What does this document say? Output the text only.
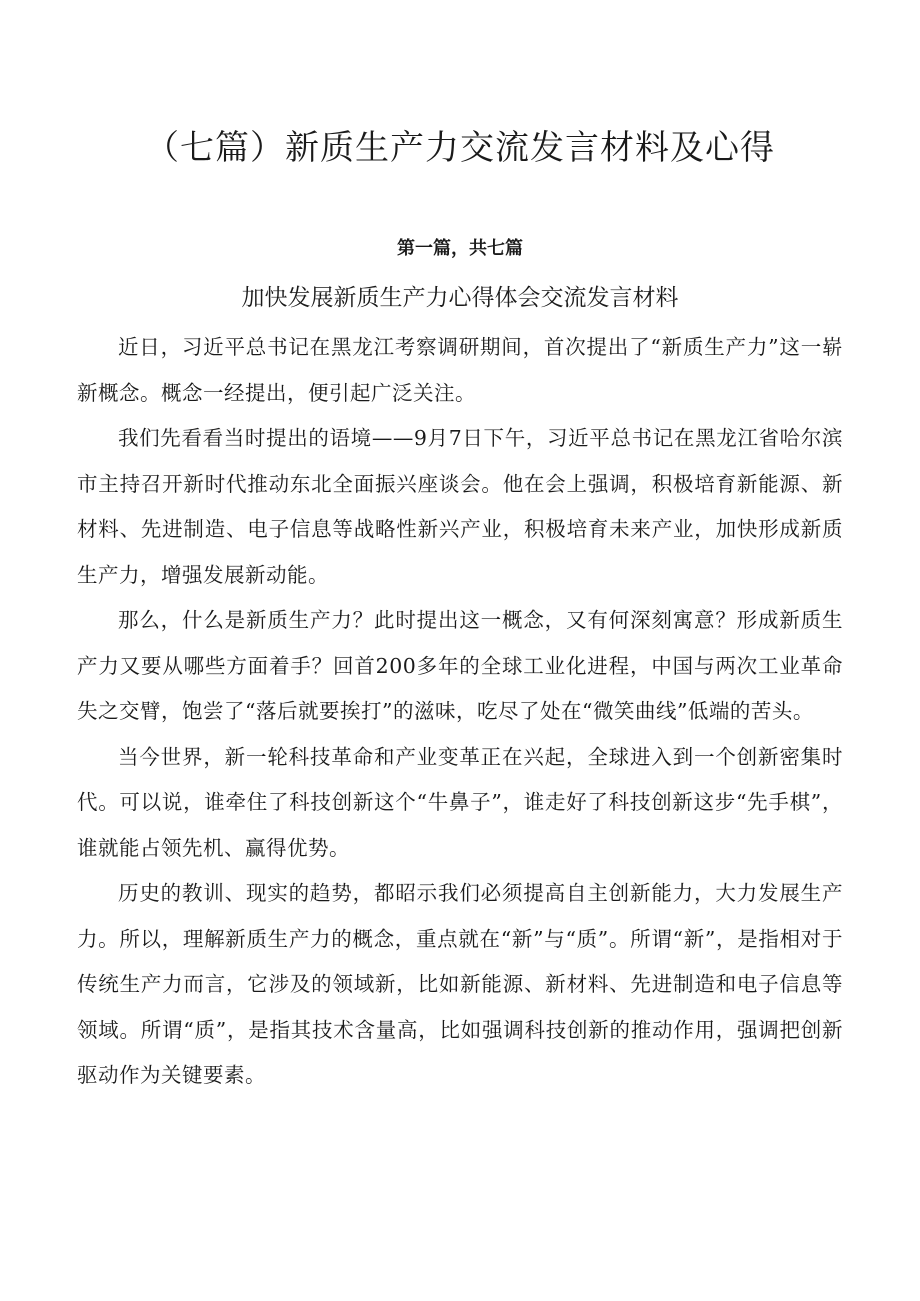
（七篇）新质生产力交流发言材料及心得
第一篇，共七篇
加快发展新质生产力心得体会交流发言材料

近日，习近平总书记在黑龙江考察调研期间，首次提出了“新质生产力”这一崭新概念。概念一经提出，便引起广泛关注。

我们先看看当时提出的语境——9月7日下午，习近平总书记在黑龙江省哈尔滨市主持召开新时代推动东北全面振兴座谈会。他在会上强调，积极培育新能源、新材料、先进制造、电子信息等战略性新兴产业，积极培育未来产业，加快形成新质生产力，增强发展新动能。

那么，什么是新质生产力？此时提出这一概念，又有何深刻寓意？形成新质生产力又要从哪些方面着手？回首200多年的全球工业化进程，中国与两次工业革命失之交臂，饱尝了“落后就要挨打”的滋味，吃尽了处在“微笑曲线”低端的苦头。

当今世界，新一轮科技革命和产业变革正在兴起，全球进入到一个创新密集时代。可以说，谁牵住了科技创新这个“牛鼻子”，谁走好了科技创新这步“先手棋”，谁就能占领先机、赢得优势。

历史的教训、现实的趋势，都昭示我们必须提高自主创新能力，大力发展生产力。所以，理解新质生产力的概念，重点就在“新”与“质”。所谓“新”，是指相对于传统生产力而言，它涉及的领域新，比如新能源、新材料、先进制造和电子信息等领域。所谓“质”，是指其技术含量高，比如强调科技创新的推动作用，强调把创新驱动作为关键要素。
